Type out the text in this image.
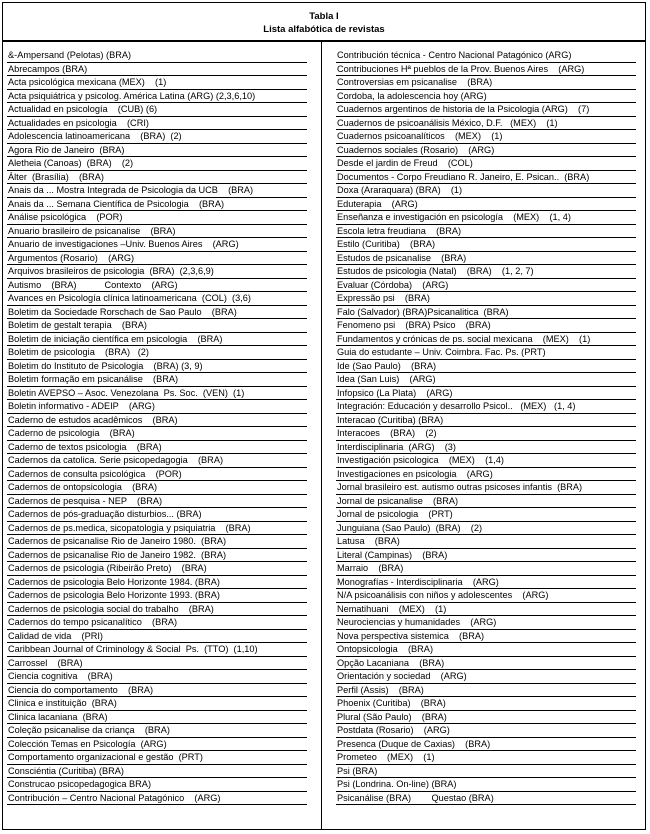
Tabla I
Lista alfabótica de revistas
&-Ampersand (Pelotas) (BRA)
Abrecampos (BRA)
Acta psicológica mexicana (MEX)    (1)
Acta psiquiátrica y psicolog. América Latina (ARG) (2,3,6,10)
Actualidad en psicología    (CUB) (6)
Actualidades en psicologia    (CRI)
Adolescencia latinoamericana    (BRA)  (2)
Agora Rio de Janeiro  (BRA)
Aletheia (Canoas)  (BRA)    (2)
Álter  (Brasília)    (BRA)
Anais da ... Mostra Integrada de Psicologia da UCB    (BRA)
Anais da ... Semana Científica de Psicologia    (BRA)
Análise psicológica    (POR)
Anuario brasileiro de psicanalise    (BRA)
Anuario de investigaciones –Univ. Buenos Aires    (ARG)
Argumentos (Rosario)    (ARG)
Arquivos brasileiros de psicologia  (BRA)  (2,3,6,9)
Autismo    (BRA)           Contexto    (ARG)
Avances en Psicología clínica latinoamericana  (COL)  (3,6)
Boletim da Sociedade Rorschach de Sao Paulo    (BRA)
Boletim de gestalt terapia    (BRA)
Boletim de iniciação científica em psicologia    (BRA)
Boletim de psicologia    (BRA)   (2)
Boletim do Instituto de Psicologia    (BRA) (3, 9)
Boletim formação em psicanálise    (BRA)
Boletin AVEPSO – Asoc. Venezolana  Ps. Soc.  (VEN)  (1)
Boletin informativo - ADEIP    (ARG)
Caderno de estudos acadêmicos    (BRA)
Caderno de psicologia    (BRA)
Caderno de textos psicologia    (BRA)
Cadernos da catolica. Serie psicopedagogia    (BRA)
Cadernos de consulta psicológica    (POR)
Cadernos de ontopsicologia    (BRA)
Cadernos de pesquisa - NEP    (BRA)
Cadernos de pós-graduação disturbios... (BRA)
Cadernos de ps.medica, sicopatologia y psiquiatria    (BRA)
Cadernos de psicanalise Rio de Janeiro 1980.  (BRA)
Cadernos de psicanalise Rio de Janeiro 1982.  (BRA)
Cadernos de psicologia (Ribeirão Preto)    (BRA)
Cadernos de psicologia Belo Horizonte 1984. (BRA)
Cadernos de psicologia Belo Horizonte 1993. (BRA)
Cadernos de psicologia social do trabalho    (BRA)
Cadernos do tempo psicanalítico    (BRA)
Calidad de vida    (PRI)
Caribbean Journal of Criminology & Social  Ps.  (TTO)  (1,10)
Carrossel    (BRA)
Ciencia cognitiva    (BRA)
Ciencia do comportamento    (BRA)
Clinica e instituição  (BRA)
Clinica lacaniana  (BRA)
Coleção psicanalise da criança    (BRA)
Colección Temas en Psicología  (ARG)
Comportamento organizacional e gestão  (PRT)
Consciéntia (Curitiba) (BRA)
Construcao psicopedagogica BRA)
Contribución – Centro Nacional Patagónico    (ARG)
Contribución técnica - Centro Nacional Patagónico (ARG)
Contribuciones Hª pueblos de la Prov. Buenos Aires    (ARG)
Controversias em psicanalise    (BRA)
Cordoba, la adolescencia hoy (ARG)
Cuadernos argentinos de historia de la Psicologia (ARG)    (7)
Cuadernos de psicoanálisis México, D.F.   (MEX)    (1)
Cuadernos psicoanalíticos    (MEX)    (1)
Cuadernos sociales (Rosario)    (ARG)
Desde el jardin de Freud    (COL)
Documentos - Corpo Freudiano R. Janeiro, E. Psican..  (BRA)
Doxa (Araraquara) (BRA)    (1)
Eduterapia    (ARG)
Enseñanza e investigación en psicología    (MEX)    (1, 4)
Escola letra freudiana    (BRA)
Estilo (Curitiba)    (BRA)
Estudos de psicanalise    (BRA)
Estudos de psicologia (Natal)    (BRA)    (1, 2, 7)
Evaluar (Córdoba)    (ARG)
Expressão psi    (BRA)
Falo (Salvador) (BRA)Psicanalitica  (BRA)
Fenomeno psi    (BRA) Psico    (BRA)
Fundamentos y crónicas de ps. social mexicana    (MEX)    (1)
Guia do estudante – Univ. Coimbra. Fac. Ps. (PRT)
Ide (Sao Paulo)    (BRA)
Idea (San Luis)    (ARG)
Infopsico (La Plata)    (ARG)
Integración: Educación y desarrollo Psicol..   (MEX)   (1, 4)
Interacao (Curitiba) (BRA)
Interacoes    (BRA)    (2)
Interdisciplinaria  (ARG)    (3)
Investigación psicologica    (MEX)    (1,4)
Investigaciones en psicologia    (ARG)
Jornal brasileiro est. autismo outras psicoses infantis  (BRA)
Jornal de psicanalise    (BRA)
Jornal de psicologia    (PRT)
Junguiana (Sao Paulo)  (BRA)    (2)
Latusa    (BRA)
Literal (Campinas)    (BRA)
Marraio    (BRA)
Monografías - Interdisciplinaria    (ARG)
N/A psicoanálisis con niños y adolescentes    (ARG)
Nematihuani    (MEX)    (1)
Neurociencias y humanidades    (ARG)
Nova perspectiva sistemica    (BRA)
Ontopsicologia    (BRA)
Opção Lacaniana    (BRA)
Orientación y sociedad    (ARG)
Perfil (Assis)    (BRA)
Phoenix (Curitiba)    (BRA)
Plural (São Paulo)    (BRA)
Postdata (Rosario)    (ARG)
Presenca (Duque de Caxias)    (BRA)
Prometeo    (MEX)    (1)
Psi (BRA)
Psi (Londrina. On-line) (BRA)
Psicanálise (BRA)        Questao (BRA)
